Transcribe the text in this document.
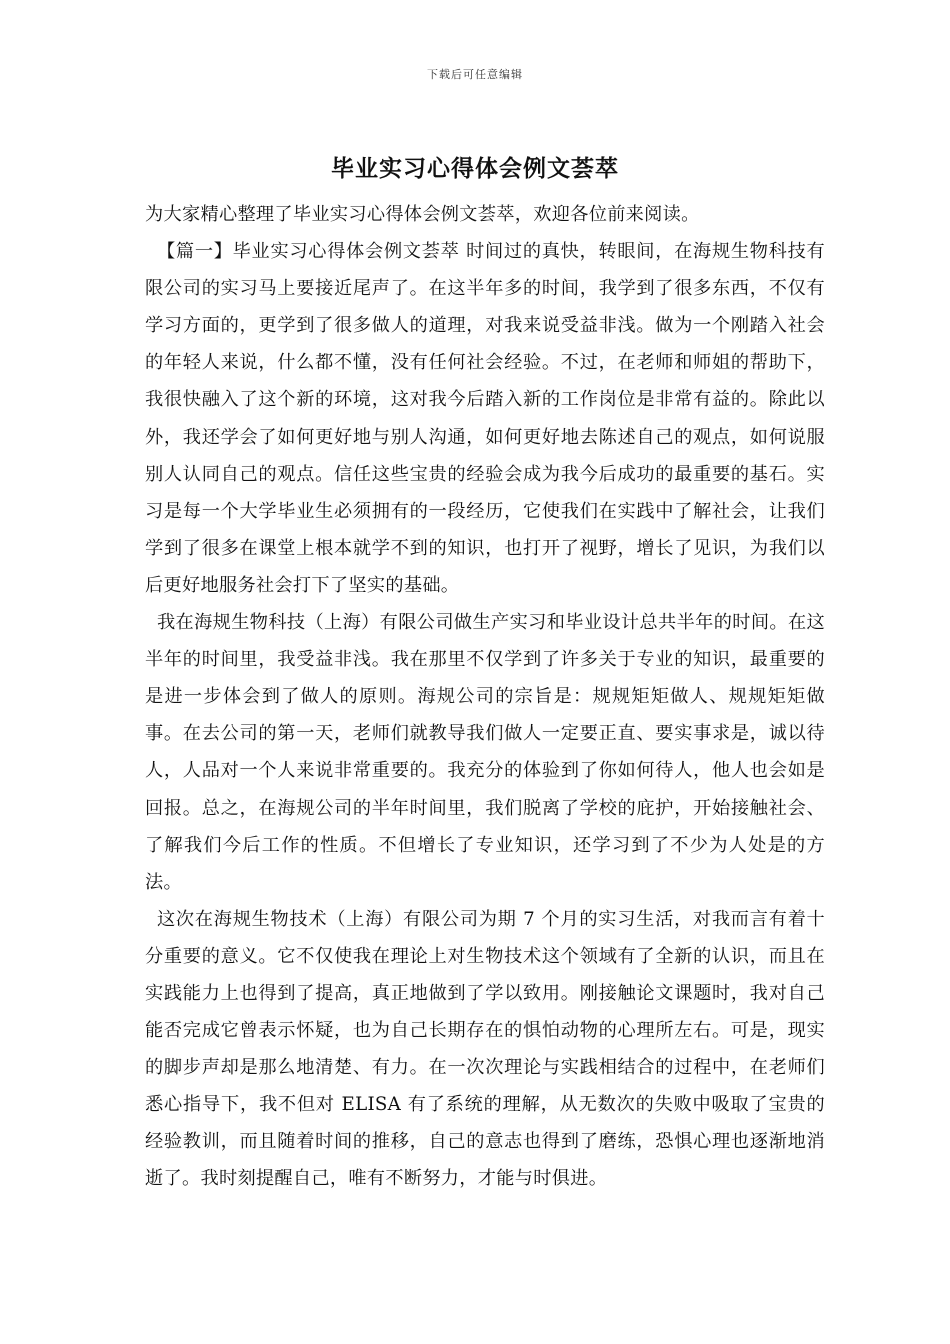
下载后可任意编辑
毕业实习心得体会例文荟萃

为大家精心整理了毕业实习心得体会例文荟萃，欢迎各位前来阅读。

【篇一】毕业实习心得体会例文荟萃 时间过的真快，转眼间，在海规生物科技有限公司的实习马上要接近尾声了。在这半年多的时间，我学到了很多东西，不仅有学习方面的，更学到了很多做人的道理，对我来说受益非浅。做为一个刚踏入社会的年轻人来说，什么都不懂，没有任何社会经验。不过，在老师和师姐的帮助下，我很快融入了这个新的环境，这对我今后踏入新的工作岗位是非常有益的。除此以外，我还学会了如何更好地与别人沟通，如何更好地去陈述自己的观点，如何说服别人认同自己的观点。信任这些宝贵的经验会成为我今后成功的最重要的基石。实习是每一个大学毕业生必须拥有的一段经历，它使我们在实践中了解社会，让我们学到了很多在课堂上根本就学不到的知识，也打开了视野，增长了见识，为我们以后更好地服务社会打下了坚实的基础。

我在海规生物科技（上海）有限公司做生产实习和毕业设计总共半年的时间。在这半年的时间里，我受益非浅。我在那里不仅学到了许多关于专业的知识，最重要的是进一步体会到了做人的原则。海规公司的宗旨是：规规矩矩做人、规规矩矩做事。在去公司的第一天，老师们就教导我们做人一定要正直、要实事求是，诚以待人，人品对一个人来说非常重要的。我充分的体验到了你如何待人，他人也会如是回报。总之，在海规公司的半年时间里，我们脱离了学校的庇护，开始接触社会、了解我们今后工作的性质。不但增长了专业知识，还学习到了不少为人处是的方法。

这次在海规生物技术（上海）有限公司为期 7 个月的实习生活，对我而言有着十分重要的意义。它不仅使我在理论上对生物技术这个领域有了全新的认识，而且在实践能力上也得到了提高，真正地做到了学以致用。刚接触论文课题时，我对自己能否完成它曾表示怀疑，也为自己长期存在的惧怕动物的心理所左右。可是，现实的脚步声却是那么地清楚、有力。在一次次理论与实践相结合的过程中，在老师们悉心指导下，我不但对 ELISA 有了系统的理解，从无数次的失败中吸取了宝贵的经验教训，而且随着时间的推移，自己的意志也得到了磨练，恐惧心理也逐渐地消逝了。我时刻提醒自己，唯有不断努力，才能与时俱进。
